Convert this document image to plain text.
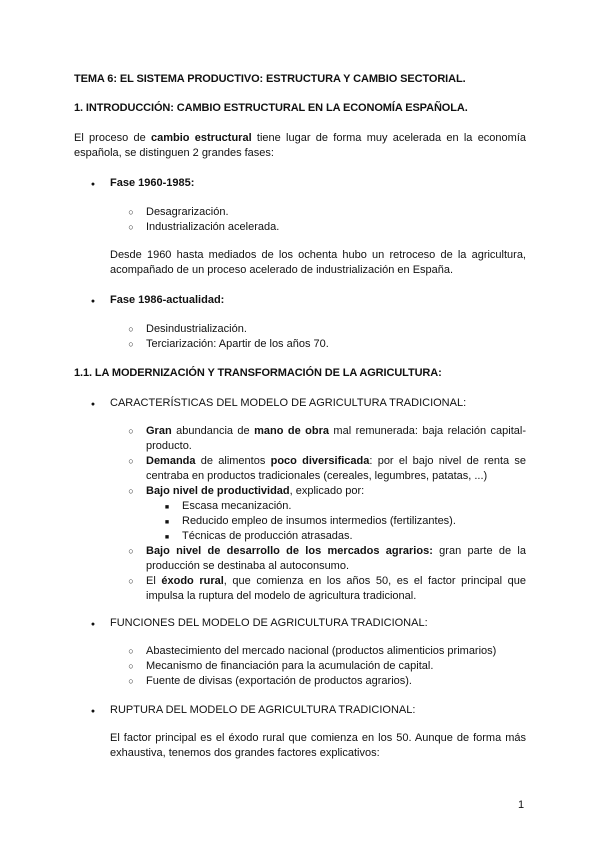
TEMA 6: EL SISTEMA PRODUCTIVO: ESTRUCTURA Y CAMBIO SECTORIAL.
1. INTRODUCCIÓN: CAMBIO ESTRUCTURAL EN LA ECONOMÍA ESPAÑOLA.
El proceso de cambio estructural tiene lugar de forma muy acelerada en la economía española, se distinguen 2 grandes fases:
●
Fase 1960-1985:
○
Desagrarización.
○
Industrialización acelerada.
Desde 1960 hasta mediados de los ochenta hubo un retroceso de la agricultura, acompañado de un proceso acelerado de industrialización en España.
●
Fase 1986-actualidad:
○
Desindustrialización.
○
Terciarización: Apartir de los años 70.
1.1. LA MODERNIZACIÓN Y TRANSFORMACIÓN DE LA AGRICULTURA:
●
CARACTERÍSTICAS DEL MODELO DE AGRICULTURA TRADICIONAL:
○
Gran abundancia de mano de obra mal remunerada: baja relación capital-producto.
○
Demanda de alimentos poco diversificada: por el bajo nivel de renta se centraba en productos tradicionales (cereales, legumbres, patatas, ...)
○
Bajo nivel de productividad, explicado por:
■
Escasa mecanización.
■
Reducido empleo de insumos intermedios (fertilizantes).
■
Técnicas de producción atrasadas.
○
Bajo nivel de desarrollo de los mercados agrarios: gran parte de la producción se destinaba al autoconsumo.
○
El éxodo rural, que comienza en los años 50, es el factor principal que impulsa la ruptura del modelo de agricultura tradicional.
●
FUNCIONES DEL MODELO DE AGRICULTURA TRADICIONAL:
○
Abastecimiento del mercado nacional (productos alimenticios primarios)
○
Mecanismo de financiación para la acumulación de capital.
○
Fuente de divisas (exportación de productos agrarios).
●
RUPTURA DEL MODELO DE AGRICULTURA TRADICIONAL:
El factor principal es el éxodo rural que comienza en los 50. Aunque de forma más exhaustiva, tenemos dos grandes factores explicativos:
1
